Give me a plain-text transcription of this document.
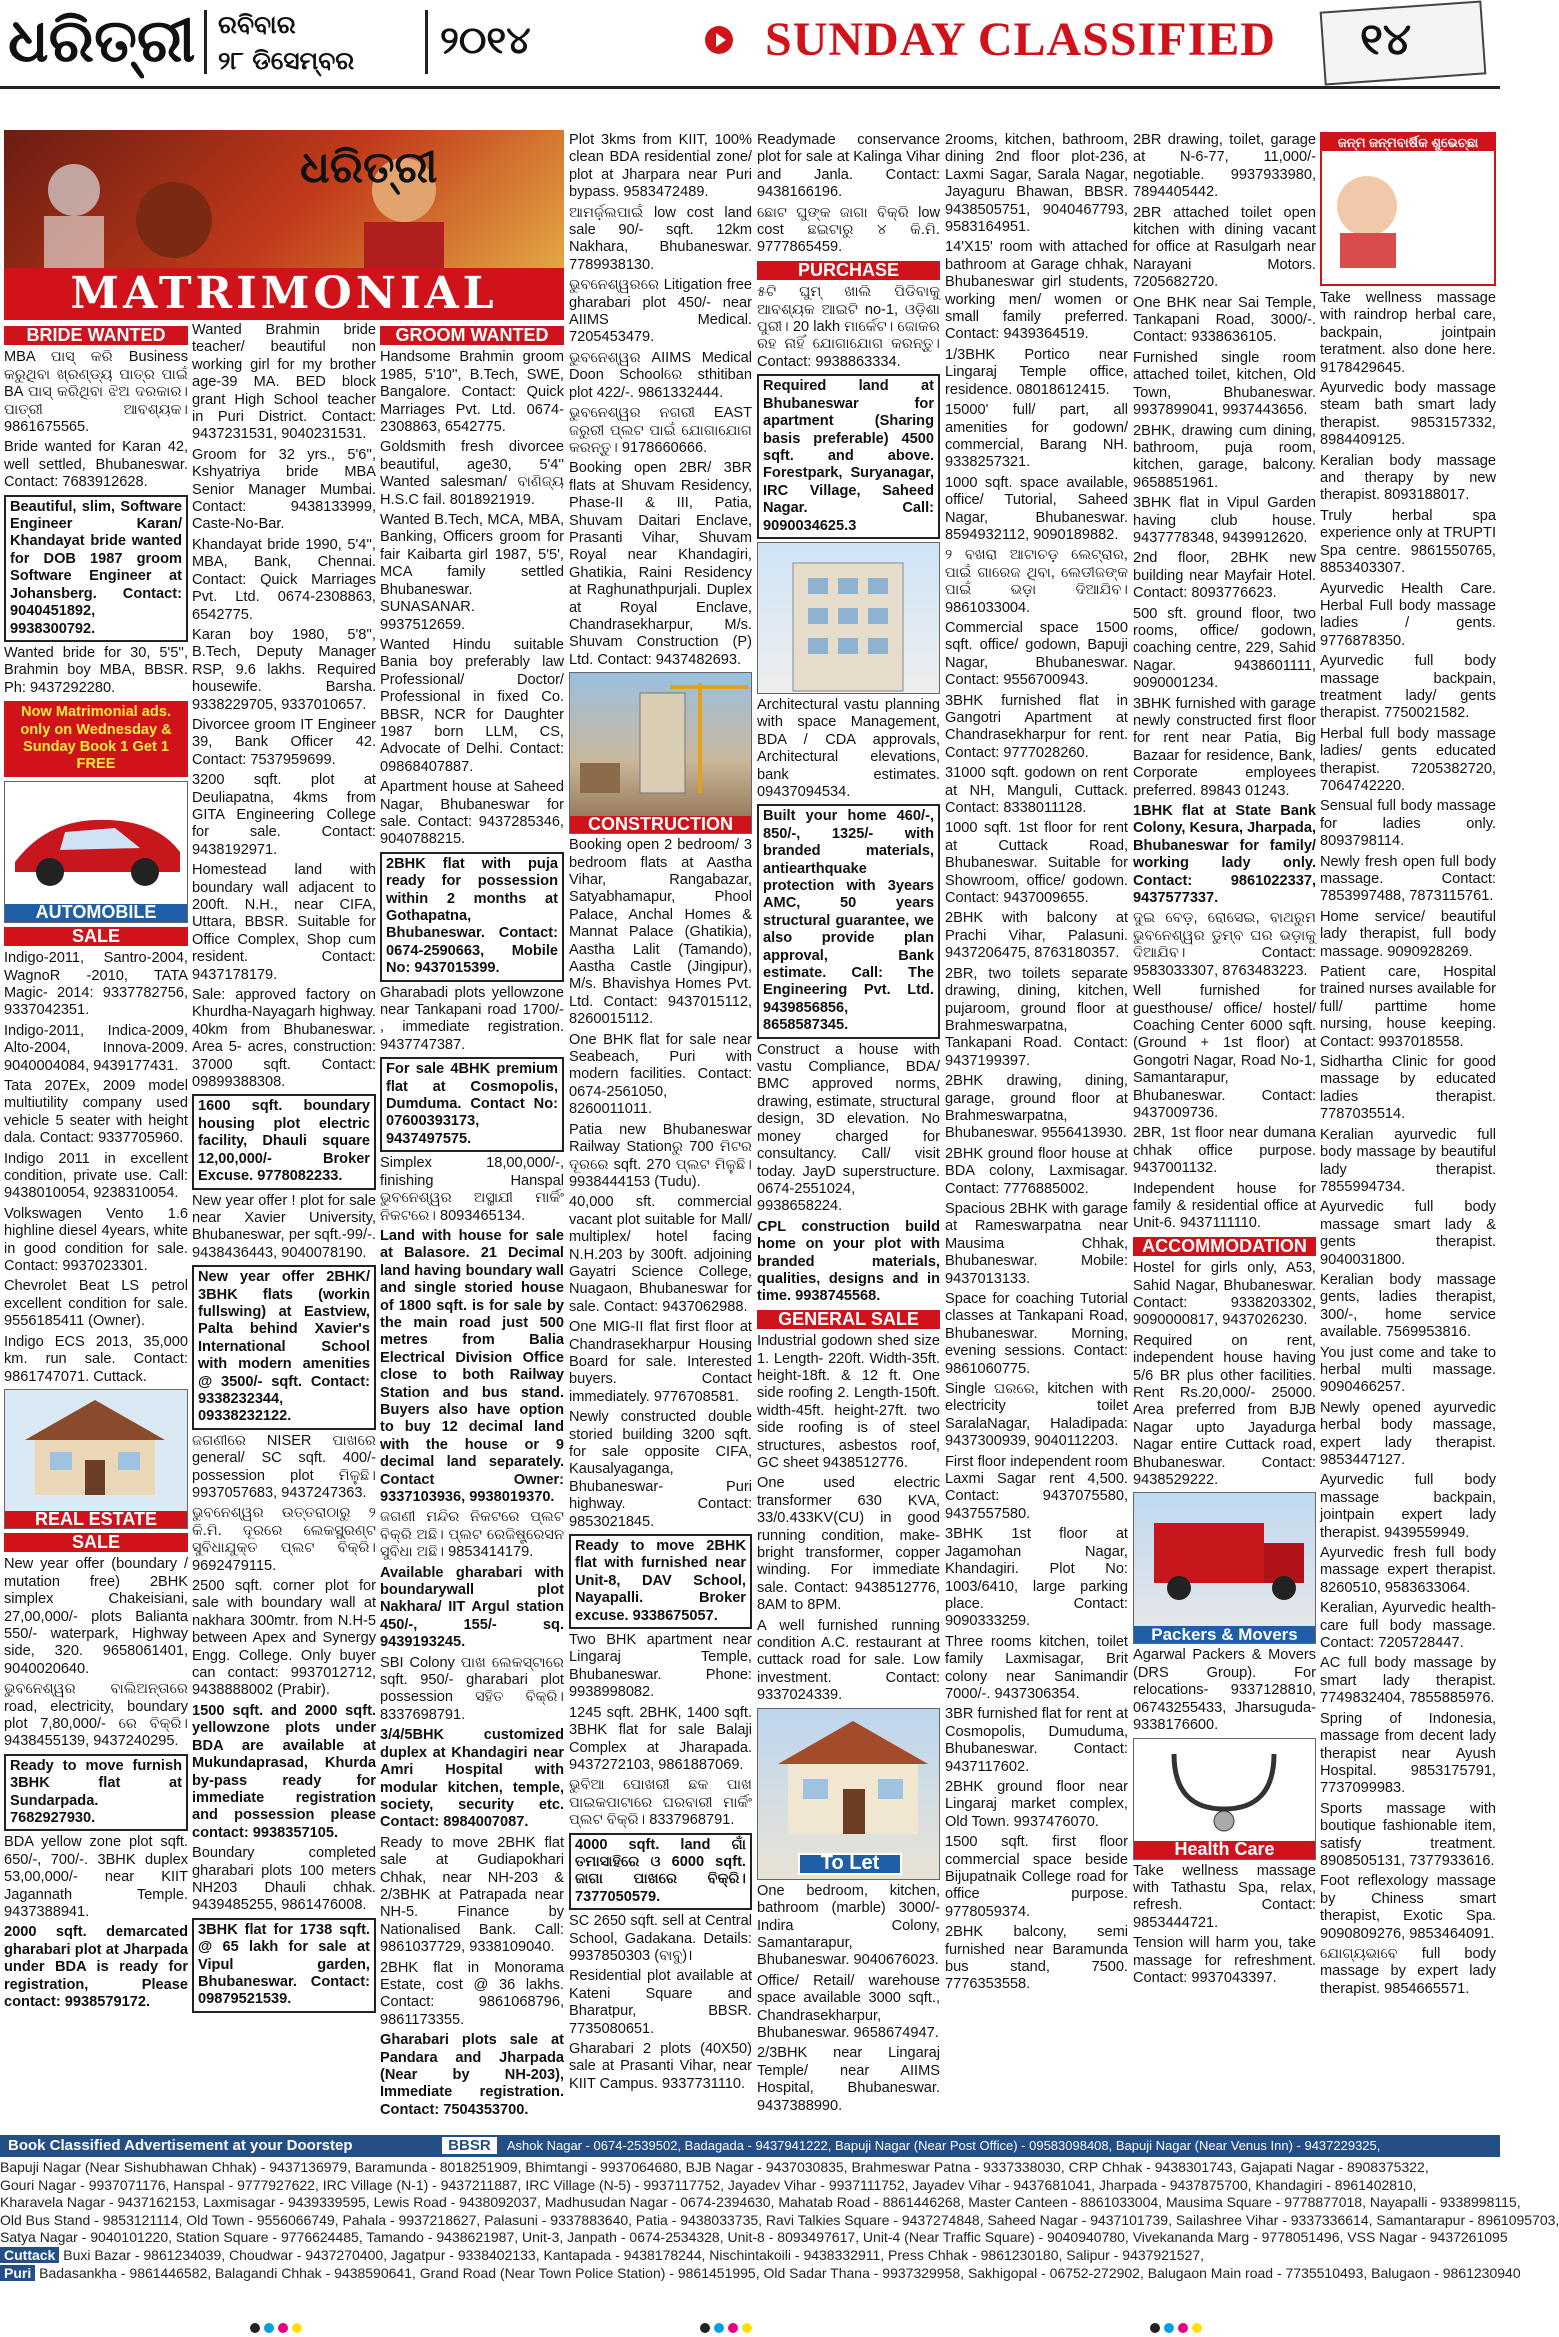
ଧରିତ୍ରୀ ରବିବାର
୨୮ ଡିସେମ୍ବର ୨୦୧୪	SUNDAY CLASSIFIED ୧୪
ଧରିତ୍ରୀ
MATRIMONIAL
BRIDE WANTED

MBA ପାସ୍ କରି Business କରୁଥିବା ଖ୍ରଣ୍ଡ୍ୟ ପାତ୍ର ପାଇଁ BA ପାସ୍ କରିଥିବା ଝିଅ ଦରକାର। ପାତ୍ରୀ ଆବଶ୍ୟକ। 9861675565.

Bride wanted for Karan 42, well settled, Bhubaneswar. Contact: 7683912628.

Beautiful, slim, Software Engineer Karan/ Khandayat bride wanted for DOB 1987 groom Software Engineer at Johansberg. Contact: 9040451892, 9938300792.

Wanted bride for 30, 5'5'', Brahmin boy MBA, BBSR. Ph: 9437292280.

Now Matrimonial ads. only on Wednesday & Sunday Book 1 Get 1 FREE
AUTOMOBILE
SALE

Indigo-2011, Santro-2004, WagnoR -2010, TATA Magic- 2014: 9337782756, 9337042351.

Indigo-2011, Indica-2009, Alto-2004, Innova-2009. 9040004084, 9439177431.

Tata 207Ex, 2009 model multiutility company used vehicle 5 seater with height dala. Contact: 9337705960.

Indigo 2011 in excellent condition, private use. Call: 9438010054, 9238310054.

Volkswagen Vento 1.6 highline diesel 4years, white in good condition for sale. Contact: 9937023301.

Chevrolet Beat LS petrol excellent condition for sale. 9556185411 (Owner).

Indigo ECS 2013, 35,000 km. run sale. Contact: 9861747071. Cuttack.

REAL ESTATE
SALE

New year offer (boundary / mutation free) 2BHK simplex Chakeisiani, 27,00,000/- plots Balianta 550/- waterpark, Highway side, 320. 9658061401, 9040020640.

ଭୁବନେଶ୍ୱର ବାଲିଅନ୍ତାରେ road, electricity, boundary plot 7,80,000/- ରେ ବିକ୍ରି। 9438455139, 9437240295.

Ready to move furnish 3BHK flat at Sundarpada. 7682927930.

BDA yellow zone plot sqft. 650/-, 700/-. 3BHK duplex 53,00,000/- near KIIT Jagannath Temple. 9437388941.

2000 sqft. demarcated gharabari plot at Jharpada under BDA is ready for registration, Please contact: 9938579172.

Wanted Brahmin bride teacher/ beautiful non working girl for my brother age-39 MA. BED block grant High School teacher in Puri District. Contact: 9437231531, 9040231531.

Groom for 32 yrs., 5'6'', Kshyatriya bride MBA Senior Manager Mumbai. Contact: 9438133999, Caste-No-Bar.

Khandayat bride 1990, 5'4'', MBA, Bank, Chennai. Contact: Quick Marriages Pvt. Ltd. 0674-2308863, 6542775.

Karan boy 1980, 5'8'', B.Tech, Deputy Manager RSP, 9.6 lakhs. Required housewife. Barsha. 9338229705, 9337010657.

Divorcee groom IT Engineer 39, Bank Officer 42. Contact: 7537959699.

3200 sqft. plot at Deuliapatna, 4kms from GITA Engineering College for sale. Contact: 9438192971.

Homestead land with boundary wall adjacent to 200ft. N.H., near CIFA, Uttara, BBSR. Suitable for Office Complex, Shop cum resident. Contact: 9437178179.

Sale: approved factory on Khurdha-Nayagarh highway. 40km from Bhubaneswar. Area 5- acres, construction: 37000 sqft. Contact: 09899388308.

1600 sqft. boundary housing plot electric facility, Dhauli square 12,00,000/- Broker Excuse. 9778082233.

New year offer ! plot for sale near Xavier University, Bhubaneswar, per sqft.-99/-. 9438436443, 9040078190.

New year offer 2BHK/ 3BHK flats (workin fullswing) at Eastview, Palta behind Xavier's International School with modern amenities @ 3500/- sqft. Contact: 9338232344, 09338232122.

ଜଗଣୀରେ NISER ପାଖରେ general/ SC sqft. 400/- possession plot ମିଳୁଛି। 9937057683, 9437247363.

ଭୁବନେଶ୍ୱର ଉତ୍ତରାଠାରୁ ୨ କି.ମି. ଦୂରରେ ଲେକସ୍ଫ୍ରଣ୍ଟ ସୁବିଧାଯୁକ୍ତ ପ୍ଲଟ ବିକ୍ରି। 9692479115.

2500 sqft. corner plot for sale with boundary wall at nakhara 300mtr. from N.H-5 between Apex and Synergy Engg. College. Only buyer can contact: 9937012712, 9438888002 (Prabir).

1500 sqft. and 2000 sqft. yellowzone plots under BDA are available at Mukundaprasad, Khurda by-pass ready for immediate registration and possession please contact: 9938357105.

Boundary completed gharabari plots 100 meters NH203 Dhauli chhak. 9439485255, 9861476008.

3BHK flat for 1738 sqft. @ 65 lakh for sale at Vipul garden, Bhubaneswar. Contact: 09879521539.
GROOM WANTED

Handsome Brahmin groom 1985, 5'10'', B.Tech, SWE, Bangalore. Contact: Quick Marriages Pvt. Ltd. 0674-2308863, 6542775.

Goldsmith fresh divorcee beautiful, age30, 5'4'' Wanted salesman/ ବାଣିଜ୍ୟ H.S.C fail. 8018921919.

Wanted B.Tech, MCA, MBA, Banking, Officers groom for fair Kaibarta girl 1987, 5'5', MCA family settled Bhubaneswar. SUNASANAR. 9937512659.

Wanted Hindu suitable Bania boy preferably law Professional/ Doctor/ Professional in fixed Co. BBSR, NCR for Daughter 1987 born LLM, CS, Advocate of Delhi. Contact: 09868407887.

Apartment house at Saheed Nagar, Bhubaneswar for sale. Contact: 9437285346, 9040788215.

2BHK flat with puja ready for possession within 2 months at Gothapatna, Bhubaneswar. Contact: 0674-2590663, Mobile No: 9437015399.

Gharabadi plots yellowzone near Tankapani road 1700/- , immediate registration. 9437747387.

For sale 4BHK premium flat at Cosmopolis, Dumduma. Contact No: 07600393173, 9437497575.

Simplex 18,00,000/-, finishing Hanspal ଭୁବନେଶ୍ୱର ଅସ୍ଥାଯୀ ମାର୍କିଂ ନିକଟରେ। 8093465134.

Land with house for sale at Balasore. 21 Decimal land having boundary wall and single storied house of 1800 sqft. is for sale by the main road just 500 metres from Balia Electrical Division Office close to both Railway Station and bus stand. Buyers also have option to buy 12 decimal land with the house or 9 decimal land separately. Contact Owner: 9337103936, 9938019370.

ଜଗଣୀ ମନ୍ଦିର ନିକଟରେ ପ୍ଲଟ ବିକ୍ରି ଅଛି। ପ୍ଲଟ ରେଜିଷ୍ଟ୍ରେସନ ସୁବିଧା ଅଛି। 9853414179.

Available gharabari with boundarywall plot Nakhara/ IIT Argul station 450/-, 155/- sq. 9439193245.

SBI Colony ପାଖ ଲେକସ୍ଟାରେ sqft. 950/- gharabari plot possession ସହିତ ବିକ୍ରି। 8337698791.

3/4/5BHK customized duplex at Khandagiri near Amri Hospital with modular kitchen, temple, society, security etc. Contact: 8984007087.

Ready to move 2BHK flat sale at Gudiapokhari Chhak, near NH-203 & 2/3BHK at Patrapada near NH-5. Finance by Nationalised Bank. Call: 9861037729, 9338109040.

2BHK flat in Monorama Estate, cost @ 36 lakhs. Contact: 9861068796, 9861173355.

Gharabari plots sale at Pandara and Jharpada (Near by NH-203), Immediate registration. Contact: 7504353700.

Plot 3kms from KIIT, 100% clean BDA residential zone/ plot at Jharpara near Puri bypass. 9583472489.

ଆମର୍ଜ଼ଲପାଇଁ low cost land sale 90/- sqft. 12km Nakhara, Bhubaneswar. 7789938130.

ଭୁବନେଶ୍ୱରରେ Litigation free gharabari plot 450/- near AIIMS Medical. 7205453479.

ଭୁବନେଶ୍ୱର AIIMS Medical Doon Schoolରେ sthitiban plot 422/-. 9861332444.

ଭୁବନେଶ୍ୱର ନଗରୀ EAST ଜରୁରୀ ପ୍ଲଟ ପାଇଁ ଯୋଗାଯୋଗ କରନ୍ତୁ। 9178660666.

Booking open 2BR/ 3BR flats at Shuvam Residency, Phase-II & III, Patia, Shuvam Daitari Enclave, Prasanti Vihar, Shuvam Royal near Khandagiri, Ghatikia, Raini Residency at Raghunathpurjali. Duplex at Royal Enclave, Chandrasekharpur, M/s. Shuvam Construction (P) Ltd. Contact: 9437482693.

CONSTRUCTION

Booking open 2 bedroom/ 3 bedroom flats at Aastha Vihar, Rangabazar, Satyabhamapur, Phool Palace, Anchal Homes & Mannat Palace (Ghatikia), Aastha Lalit (Tamando), Aastha Castle (Jingipur), M/s. Bhavishya Homes Pvt. Ltd. Contact: 9437015112, 8260015112.

One BHK flat for sale near Seabeach, Puri with modern facilities. Contact: 0674-2561050, 8260011011.

Patia new Bhubaneswar Railway Stationରୁ 700 ମିଟର ଦୂରରେ sqft. 270 ପ୍ଲଟ ମିଳୁଛି। 9938444153 (Tudu).

40,000 sft. commercial vacant plot suitable for Mall/ multiplex/ hotel facing N.H.203 by 300ft. adjoining Gayatri Science College, Nuagaon, Bhubaneswar for sale. Contact: 9437062988.

One MIG-II flat first floor at Chandrasekharpur Housing Board for sale. Interested buyers. Contact immediately. 9776708581.

Newly constructed double storied building 3200 sqft. for sale opposite CIFA, Kausalyaganga, Bhubaneswar- Puri highway. Contact: 9853021845.

Ready to move 2BHK flat with furnished near Unit-8, DAV School, Nayapalli. Broker excuse. 9338675057.

Two BHK apartment near Lingaraj Temple, Bhubaneswar. Phone: 9938998082.

1245 sqft. 2BHK, 1400 sqft. 3BHK flat for sale Balaji Complex at Jharapada. 9437272103, 9861887069.

ଭୁବିଆ ପୋଖରୀ ଛକ ପାଖ ପାଇକପାଟାରେ ଘରବାରୀ ମାର୍କିଂ ପ୍ଲଟ ବିକ୍ରି। 8337968791.

4000 sqft. land ଗାଁ ତମାସାହିରେ ଓ 6000 sqft. ଜାଗା ପାଖରେ ବିକ୍ରି। 7377050579.

SC 2650 sqft. sell at Central School, Gadakana. Details: 9937850303 (ବାବୁ)।

Residential plot available at Kateni Square and Bharatpur, BBSR. 7735080651.

Gharabari 2 plots (40X50) sale at Prasanti Vihar, near KIIT Campus. 9337731110.

Readymade conservance plot for sale at Kalinga Vihar and Janla. Contact: 9438166196.

ଛୋଟ ଘୁଙ୍କ ଜାଗା ବିକ୍ରି low cost ଛଇଟାରୁ ୪ କି.ମି. 9777865459.

PURCHASE

୫ଟି ଘୁମ୍ ଖାଲି ପିଡିବାକୁ ଆବଶ୍ୟକ ଆଇଟି no-1, ଓଡ଼ିଶା ପୁରୀ। 20 lakh ମାର୍କେଟ। ଜୋକର ରହ ନାହିଁ ଯୋଗାଯୋଗ କରନ୍ତୁ। Contact: 9938863334.

Required land at Bhubaneswar for apartment (Sharing basis preferable) 4500 sqft. and above. Forestpark, Suryanagar, IRC Village, Saheed Nagar. Call: 9090034625.3

Architectural vastu planning with space Management, BDA / CDA approvals, Architectural elevations, bank estimates. 09437094534.

Built your home 460/-, 850/-, 1325/- with branded materials, antiearthquake protection with 3years AMC, 50 years structural guarantee, we also provide plan approval, Bank estimate. Call: The Engineering Pvt. Ltd. 9439856856, 8658587345.

Construct a house with vastu Compliance, BDA/ BMC approved norms, drawing, estimate, structural design, 3D elevation. No money charged for consultancy. Call/ visit today. JayD superstructure. 0674-2551024, 9938658224.

CPL construction build home on your plot with branded materials, qualities, designs and in time. 9938745568.

GENERAL SALE

Industrial godown shed size 1. Length- 220ft. Width-35ft. height-18ft. & 12 ft. One side roofing 2. Length-150ft. width-45ft. height-27ft. two side roofing is of steel structures, asbestos roof, GC sheet 9438512776.

One used electric transformer 630 KVA, 33/0.433KV(CU) in good running condition, make-bright transformer, copper winding. For immediate sale. Contact: 9438512776, 8AM to 8PM.

A well furnished running condition A.C. restaurant at cuttack road for sale. Low investment. Contact: 9337024339.

To Let

One bedroom, kitchen, bathroom (marble) 3000/- Indira Colony, Samantarapur, Bhubaneswar. 9040676023.

Office/ Retail/ warehouse space available 3000 sqft., Chandrasekharpur, Bhubaneswar. 9658674947.

2/3BHK near Lingaraj Temple/ near AIIMS Hospital, Bhubaneswar. 9437388990.

2rooms, kitchen, bathroom, dining 2nd floor plot-236, Laxmi Sagar, Sarala Nagar, Jayaguru Bhawan, BBSR. 9438505751, 9040467793, 9583164951.

14'X15' room with attached bathroom at Garage chhak, Bhubaneswar girl students, working men/ women or small family preferred. Contact: 9439364519.

1/3BHK Portico near Lingaraj Temple office, residence. 08018612415.

15000' full/ part, all amenities for godown/ commercial, Barang NH. 9338257321.

1000 sqft. space available, office/ Tutorial, Saheed Nagar, Bhubaneswar. 8594932112, 9090189882.

୨ ବଖରା ଆଟାଚଡ଼ ଲେଟ୍ରାର, ପାଇଁ ଗାରେଜ ଥିବା, ଲେଡୀଜଙ୍କ ପାଇଁ ଭଡ଼ା ଦିଆଯିବ। 9861033004.

Commercial space 1500 sqft. office/ godown, Bapuji Nagar, Bhubaneswar. Contact: 9556700943.

3BHK furnished flat in Gangotri Apartment at Chandrasekharpur for rent. Contact: 9777028260.

31000 sqft. godown on rent at NH, Manguli, Cuttack. Contact: 8338011128.

1000 sqft. 1st floor for rent at Cuttack Road, Bhubaneswar. Suitable for Showroom, office/ godown. Contact: 9437009655.

2BHK with balcony at Prachi Vihar, Palasuni. 9437206475, 8763180357.

2BR, two toilets separate drawing, dining, kitchen, pujaroom, ground floor at Brahmeswarpatna, Tankapani Road. Contact: 9437199397.

2BHK drawing, dining, garage, ground floor at Brahmeswarpatna, Bhubaneswar. 9556413930.

2BHK ground floor house at BDA colony, Laxmisagar. Contact: 7776885002.

Spacious 2BHK with garage at Rameswarpatna near Mausima Chhak, Bhubaneswar. Mobile: 9437013133.

Space for coaching Tutorial classes at Tankapani Road, Bhubaneswar. Morning, evening sessions. Contact: 9861060775.

Single ଘରରେ, kitchen with electricity toilet SaralaNagar, Haladipada: 9437300939, 9040112203.

First floor independent room Laxmi Sagar rent 4,500. Contact: 9437075580, 9437557580.

3BHK 1st floor at Jagamohan Nagar, Khandagiri. Plot No: 1003/6410, large parking place. Contact: 9090333259.

Three rooms kitchen, toilet family Laxmisagar, Brit colony near Sanimandir 7000/-. 9437306354.

3BR furnished flat for rent at Cosmopolis, Dumuduma, Bhubaneswar. Contact: 9437117602.

2BHK ground floor near Lingaraj market complex, Old Town. 9937476070.

1500 sqft. first floor commercial space beside Bijupatnaik College road for office purpose. 9778059374.

2BHK balcony, semi furnished near Baramunda bus stand, 7500. 7776353558.

2BR drawing, toilet, garage at N-6-77, 11,000/- negotiable. 9937933980, 7894405442.

2BR attached toilet open kitchen with dining vacant for office at Rasulgarh near Narayani Motors. 7205682720.

One BHK near Sai Temple, Tankapani Road, 3000/-. Contact: 9338636105.

Furnished single room attached toilet, kitchen, Old Town, Bhubaneswar. 9937899041, 9937443656.

2BHK, drawing cum dining, bathroom, puja room, kitchen, garage, balcony. 9658851961.

3BHK flat in Vipul Garden having club house. 9437778348, 9439912620.

2nd floor, 2BHK new building near Mayfair Hotel. Contact: 8093776623.

500 sft. ground floor, two rooms, office/ godown, coaching centre, 229, Sahid Nagar. 9438601111, 9090001234.

3BHK furnished with garage newly constructed first floor for rent near Patia, Big Bazaar for residence, Bank, Corporate employees preferred. 89843 01243.

1BHK flat at State Bank Colony, Kesura, Jharpada, Bhubaneswar for family/ working lady only. Contact: 9861022337, 9437577337.

ଦୁଇ ବେଡ଼, ରୋସେଇ, ବାଥରୁମ ଭୁବନେଶ୍ୱର ଡୁମ୍ବ ଘର ଭଡ଼ାକୁ ଦିଆଯିବ। Contact: 9583033307, 8763483223.

Well furnished for guesthouse/ office/ hostel/ Coaching Center 6000 sqft. (Ground + 1st floor) at Gongotri Nagar, Road No-1, Samantarapur, Bhubaneswar. Contact: 9437009736.

2BR, 1st floor near dumana chhak office purpose. 9437001132.

Independent house for family & residential office at Unit-6. 9437111110.

ACCOMMODATION

Hostel for girls only, A53, Sahid Nagar, Bhubaneswar. Contact: 9338203302, 9090000817, 9437026230.

Required on rent, independent house having 5/6 BR plus other facilities. Rent Rs.20,000/- 25000. Area preferred from BJB Nagar upto Jayadurga Nagar entire Cuttack road, Bhubaneswar. Contact: 9438529222.

Packers & Movers

Agarwal Packers & Movers (DRS Group). For relocations- 9337128810, 06743255433, Jharsuguda-9338176600.

Health Care

Take wellness massage with Tathastu Spa, relax, refresh. Contact: 9853444721.

Tension will harm you, take massage for refreshment. Contact: 9937043397.

ଜନ୍ମ ଜନ୍ମବାର୍ଷିକ ଶୁଭେଚ୍ଛା

Take wellness massage with raindrop herbal care, backpain, jointpain teratment. also done here. 9178429645.

Ayurvedic body massage steam bath smart lady therapist. 9853157332, 8984409125.

Keralian body massage and therapy by new therapist. 8093188017.

Truly herbal spa experience only at TRUPTI Spa centre. 9861550765, 8853403307.

Ayurvedic Health Care. Herbal Full body massage ladies / gents. 9776878350.

Ayurvedic full body massage backpain, treatment lady/ gents therapist. 7750021582.

Herbal full body massage ladies/ gents educated therapist. 7205382720, 7064742220.

Sensual full body massage for ladies only. 8093798114.

Newly fresh open full body massage. Contact: 7853997488, 7873115761.

Home service/ beautiful lady therapist, full body massage. 9090928269.

Patient care, Hospital trained nurses available for full/ parttime home nursing, house keeping. Contact: 9937018558.

Sidhartha Clinic for good massage by educated ladies therapist. 7787035514.

Keralian ayurvedic full body massage by beautiful lady therapist. 7855994734.

Ayurvedic full body massage smart lady & gents therapist. 9040031800.

Keralian body massage gents, ladies therapist, 300/-, home service available. 7569953816.

You just come and take to herbal multi massage. 9090466257.

Newly opened ayurvedic herbal body massage, expert lady therapist. 9853447127.

Ayurvedic full body massage backpain, jointpain expert lady therapist. 9439559949.

Ayurvedic fresh full body massage expert therapist. 8260510, 9583633064.

Keralian, Ayurvedic health-care full body massage. Contact: 7205728447.

AC full body massage by smart lady therapist. 7749832404, 7855885976.

Spring of Indonesia, massage from decent lady therapist near Ayush Hospital. 9853175791, 7737099983.

Sports massage with boutique fashionable item, satisfy treatment. 8908505131, 7377933616.

Foot reflexology massage by Chiness smart therapist, Exotic Spa. 9090809276, 9853464091.

ଯୋଗ୍ୟଭାବେ full body massage by expert lady therapist. 9854665571.

Book Classified Advertisement at your Doorstep	BBSR Ashok Nagar - 0674-2539502, Badagada - 9437941222, Bapuji Nagar (Near Post Office) - 09583098408, Bapuji Nagar (Near Venus Inn) - 9437229325,
Bapuji Nagar (Near Sishubhawan Chhak) - 9437136979, Baramunda - 8018251909, Bhimtangi - 9937064680, BJB Nagar - 9437030835, Brahmeswar Patna - 9337338030, CRP Chhak - 9438301743, Gajapati Nagar - 8908375322,
Gouri Nagar - 9937071176, Hanspal - 9777927622, IRC Village (N-1) - 9437211887, IRC Village (N-5) - 9937117752, Jayadev Vihar - 9937111752, Jayadev Vihar - 9437681041, Jharpada - 9437875700, Khandagiri - 8961402810,
Kharavela Nagar - 9437162153, Laxmisagar - 9439339595, Lewis Road - 9438092037, Madhusudan Nagar - 0674-2394630, Mahatab Road - 8861446268, Master Canteen - 8861033004, Mausima Square - 9778877018, Nayapalli - 9338998115,
Old Bus Stand - 9853121114, Old Town - 9556066749, Pahala - 9937218627, Palasuni - 9337883640, Patia - 9438033735, Ravi Talkies Square - 9437274848, Saheed Nagar - 9437101739, Sailashree Vihar - 9337336614, Samantarapur - 8961095703,
Satya Nagar - 9040101220, Station Square - 9776624485, Tamando - 9438621987, Unit-3, Janpath - 0674-2534328, Unit-8 - 8093497617, Unit-4 (Near Traffic Square) - 9040940780, Vivekananda Marg - 9778051496, VSS Nagar - 9437261095
Cuttack Buxi Bazar - 9861234039, Choudwar - 9437270400, Jagatpur - 9338402133, Kantapada - 9438178244, Nischintakoili - 9438332911, Press Chhak - 9861230180, Salipur - 9437921527,
Puri Badasankha - 9861446582, Balagandi Chhak - 9438590641, Grand Road (Near Town Police Station) - 9861451995, Old Sadar Thana - 9937329958, Sakhigopal - 06752-272902, Balugaon Main road - 7735510493, Balugaon - 9861230940
